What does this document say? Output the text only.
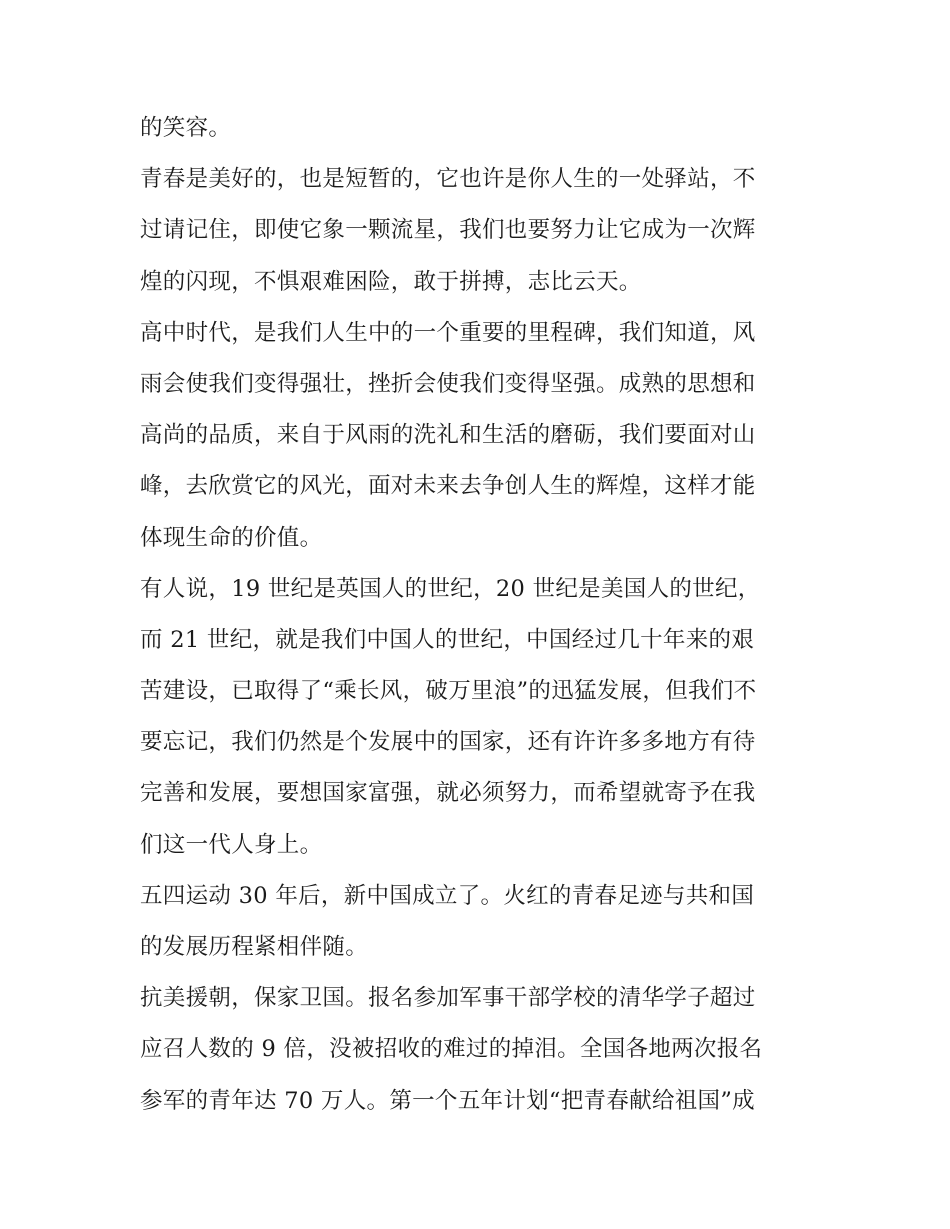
的笑容。
青春是美好的，也是短暂的，它也许是你人生的一处驿站，不
过请记住，即使它象一颗流星，我们也要努力让它成为一次辉
煌的闪现，不惧艰难困险，敢于拼搏，志比云天。
高中时代，是我们人生中的一个重要的里程碑，我们知道，风
雨会使我们变得强壮，挫折会使我们变得坚强。成熟的思想和
高尚的品质，来自于风雨的洗礼和生活的磨砺，我们要面对山
峰，去欣赏它的风光，面对未来去争创人生的辉煌，这样才能
体现生命的价值。
有人说，19 世纪是英国人的世纪，20 世纪是美国人的世纪，
而 21 世纪，就是我们中国人的世纪，中国经过几十年来的艰
苦建设，已取得了“乘长风，破万里浪”的迅猛发展，但我们不
要忘记，我们仍然是个发展中的国家，还有许许多多地方有待
完善和发展，要想国家富强，就必须努力，而希望就寄予在我
们这一代人身上。
五四运动 30 年后，新中国成立了。火红的青春足迹与共和国
的发展历程紧相伴随。
抗美援朝，保家卫国。报名参加军事干部学校的清华学子超过
应召人数的 9 倍，没被招收的难过的掉泪。全国各地两次报名
参军的青年达 70 万人。第一个五年计划“把青春献给祖国”成
